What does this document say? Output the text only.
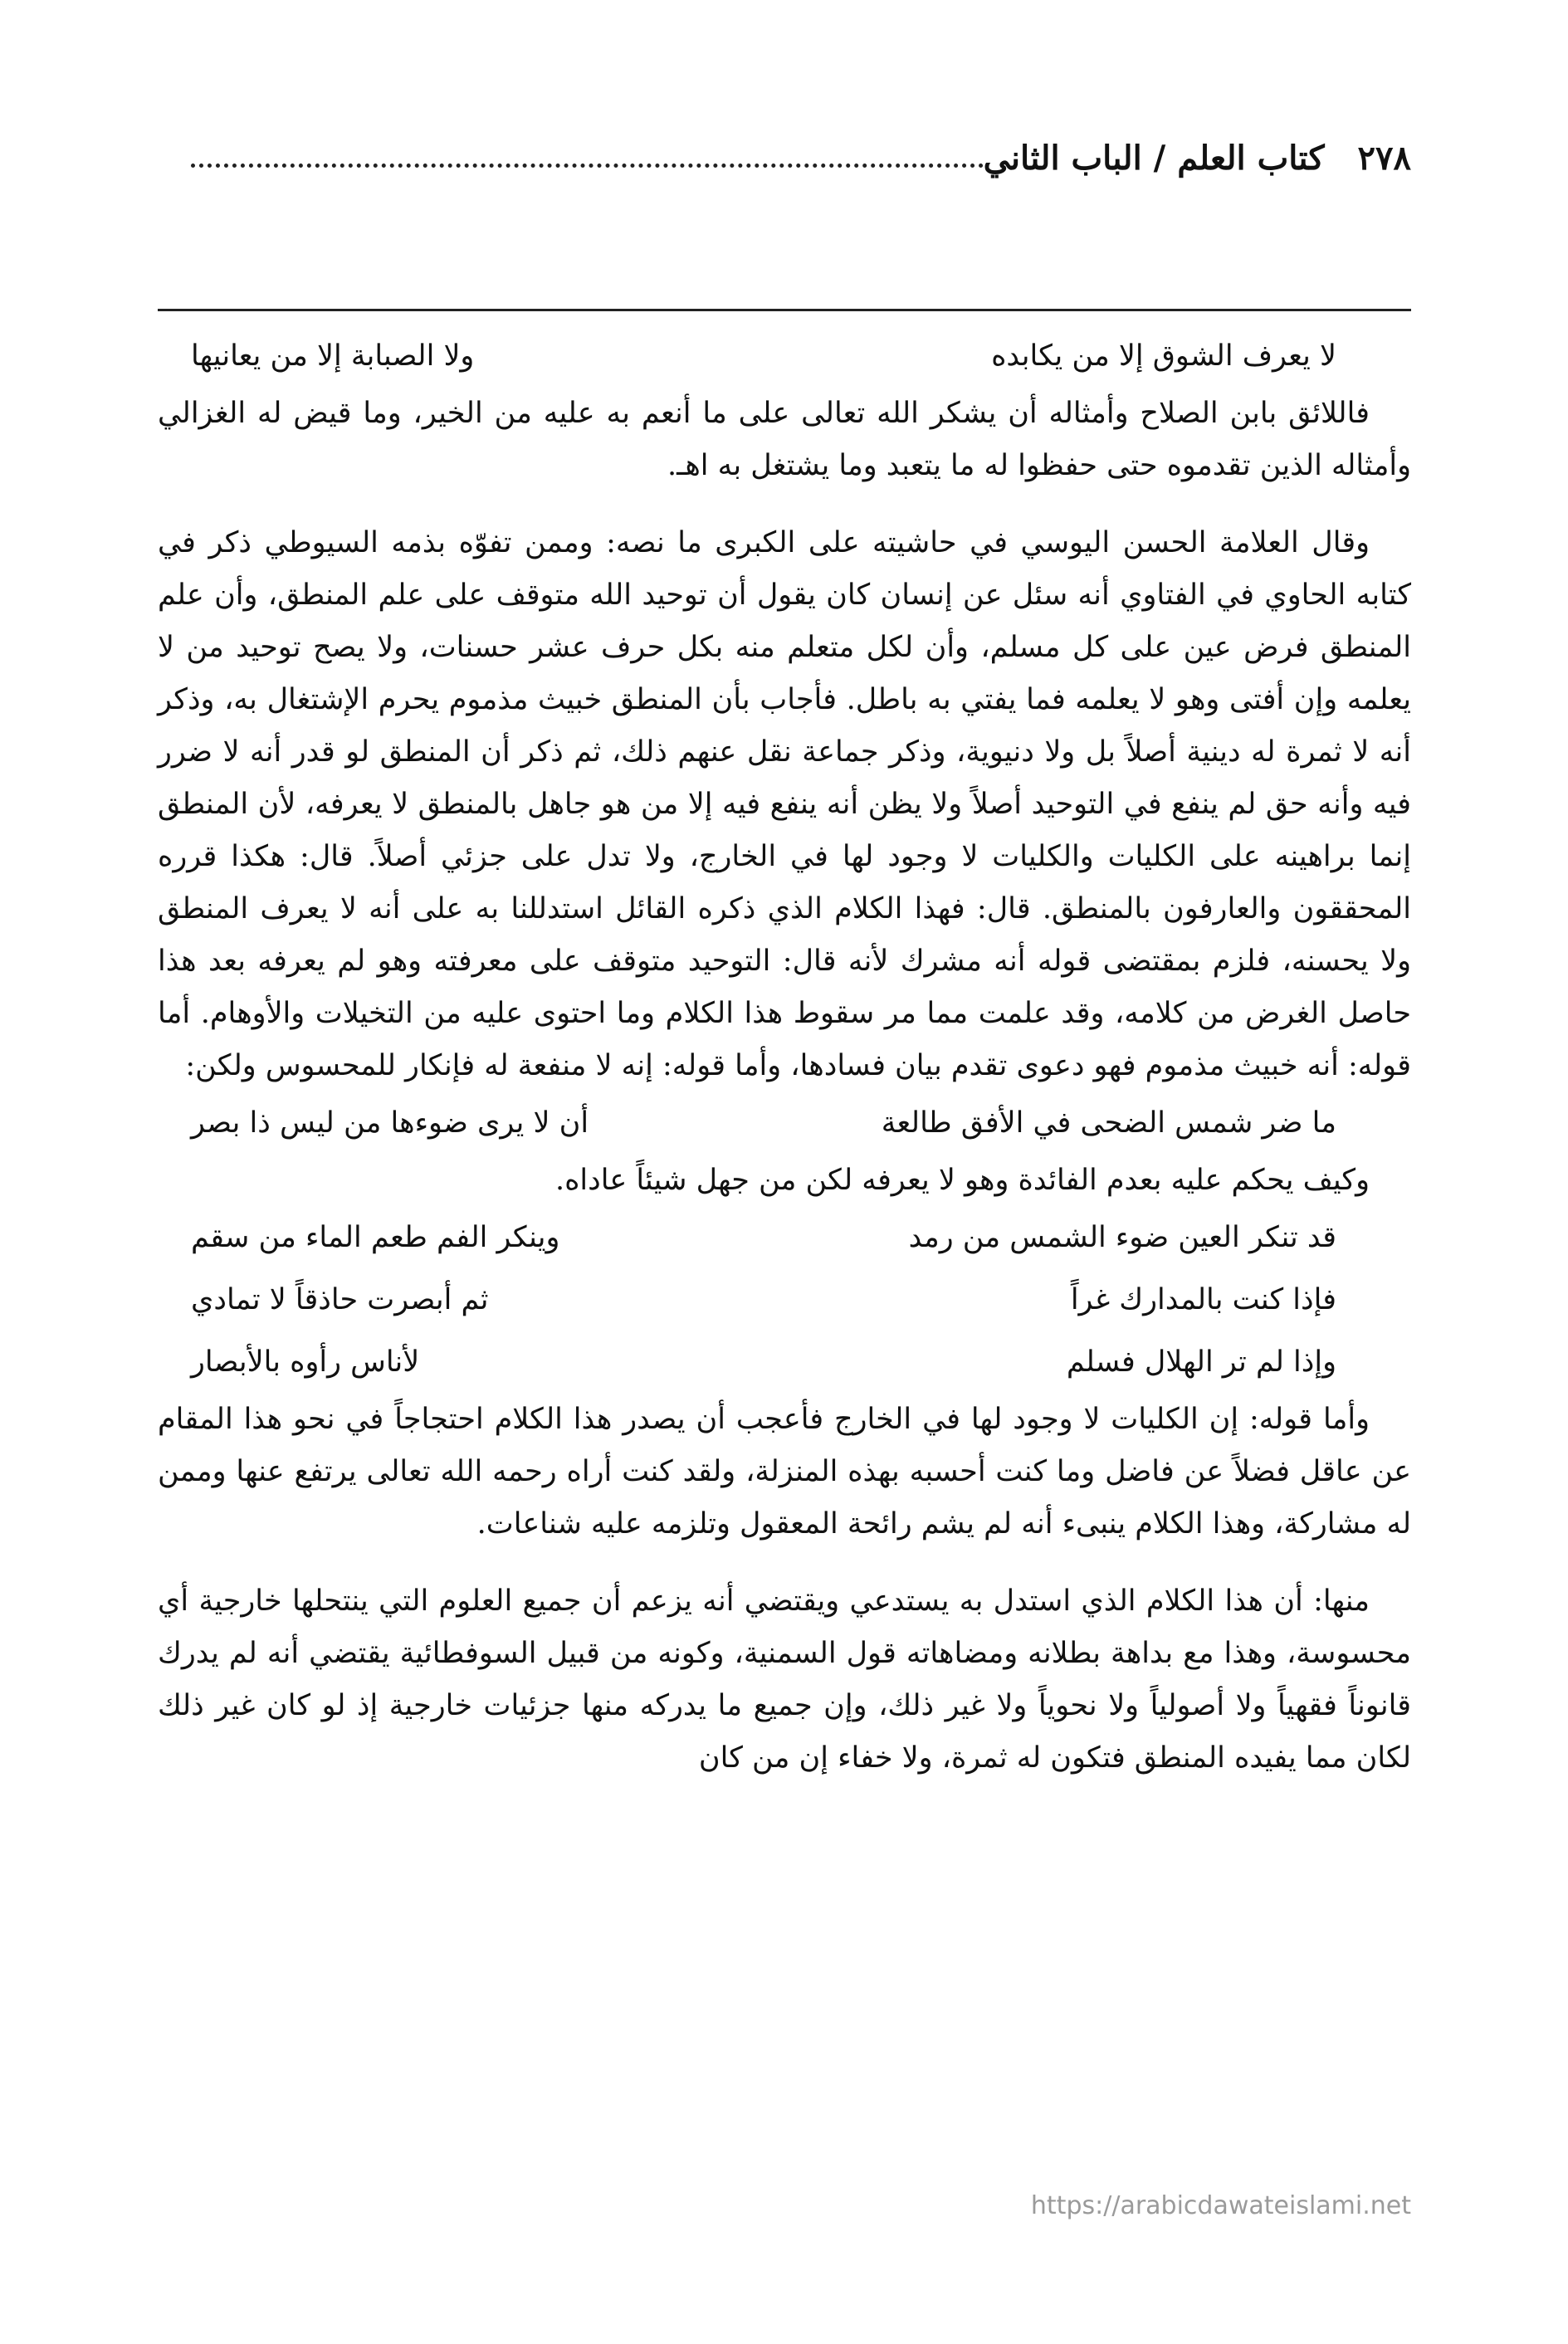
٢٧٨
كتاب العلم / الباب الثاني
لا يعرف الشوق إلا من يكابده
ولا الصبابة إلا من يعانيها

فاللائق بابن الصلاح وأمثاله أن يشكر الله تعالى على ما أنعم به عليه من الخير، وما قيض له الغزالي وأمثاله الذين تقدموه حتى حفظوا له ما يتعبد وما يشتغل به اهـ.

وقال العلامة الحسن اليوسي في حاشيته على الكبرى ما نصه: وممن تفوّه بذمه السيوطي ذكر في كتابه الحاوي في الفتاوي أنه سئل عن إنسان كان يقول أن توحيد الله متوقف على علم المنطق، وأن علم المنطق فرض عين على كل مسلم، وأن لكل متعلم منه بكل حرف عشر حسنات، ولا يصح توحيد من لا يعلمه وإن أفتى وهو لا يعلمه فما يفتي به باطل. فأجاب بأن المنطق خبيث مذموم يحرم الإشتغال به، وذكر أنه لا ثمرة له دينية أصلاً بل ولا دنيوية، وذكر جماعة نقل عنهم ذلك، ثم ذكر أن المنطق لو قدر أنه لا ضرر فيه وأنه حق لم ينفع في التوحيد أصلاً ولا يظن أنه ينفع فيه إلا من هو جاهل بالمنطق لا يعرفه، لأن المنطق إنما براهينه على الكليات والكليات لا وجود لها في الخارج، ولا تدل على جزئي أصلاً. قال: هكذا قرره المحققون والعارفون بالمنطق. قال: فهذا الكلام الذي ذكره القائل استدللنا به على أنه لا يعرف المنطق ولا يحسنه، فلزم بمقتضى قوله أنه مشرك لأنه قال: التوحيد متوقف على معرفته وهو لم يعرفه بعد هذا حاصل الغرض من كلامه، وقد علمت مما مر سقوط هذا الكلام وما احتوى عليه من التخيلات والأوهام. أما قوله: أنه خبيث مذموم فهو دعوى تقدم بيان فسادها، وأما قوله: إنه لا منفعة له فإنكار للمحسوس ولكن:

ما ضر شمس الضحى في الأفق طالعة
أن لا يرى ضوءها من ليس ذا بصر

وكيف يحكم عليه بعدم الفائدة وهو لا يعرفه لكن من جهل شيئاً عاداه.

قد تنكر العين ضوء الشمس من رمد
وينكر الفم طعم الماء من سقم
فإذا كنت بالمدارك غراً
ثم أبصرت حاذقاً لا تمادي
وإذا لم تر الهلال فسلم
لأناس رأوه بالأبصار

وأما قوله: إن الكليات لا وجود لها في الخارج فأعجب أن يصدر هذا الكلام احتجاجاً في نحو هذا المقام عن عاقل فضلاً عن فاضل وما كنت أحسبه بهذه المنزلة، ولقد كنت أراه رحمه الله تعالى يرتفع عنها وممن له مشاركة، وهذا الكلام ينبىء أنه لم يشم رائحة المعقول وتلزمه عليه شناعات.

منها: أن هذا الكلام الذي استدل به يستدعي ويقتضي أنه يزعم أن جميع العلوم التي ينتحلها خارجية أي محسوسة، وهذا مع بداهة بطلانه ومضاهاته قول السمنية، وكونه من قبيل السوفطائية يقتضي أنه لم يدرك قانوناً فقهياً ولا أصولياً ولا نحوياً ولا غير ذلك، وإن جميع ما يدركه منها جزئيات خارجية إذ لو كان غير ذلك لكان مما يفيده المنطق فتكون له ثمرة، ولا خفاء إن من كان

https://arabicdawateislami.net
